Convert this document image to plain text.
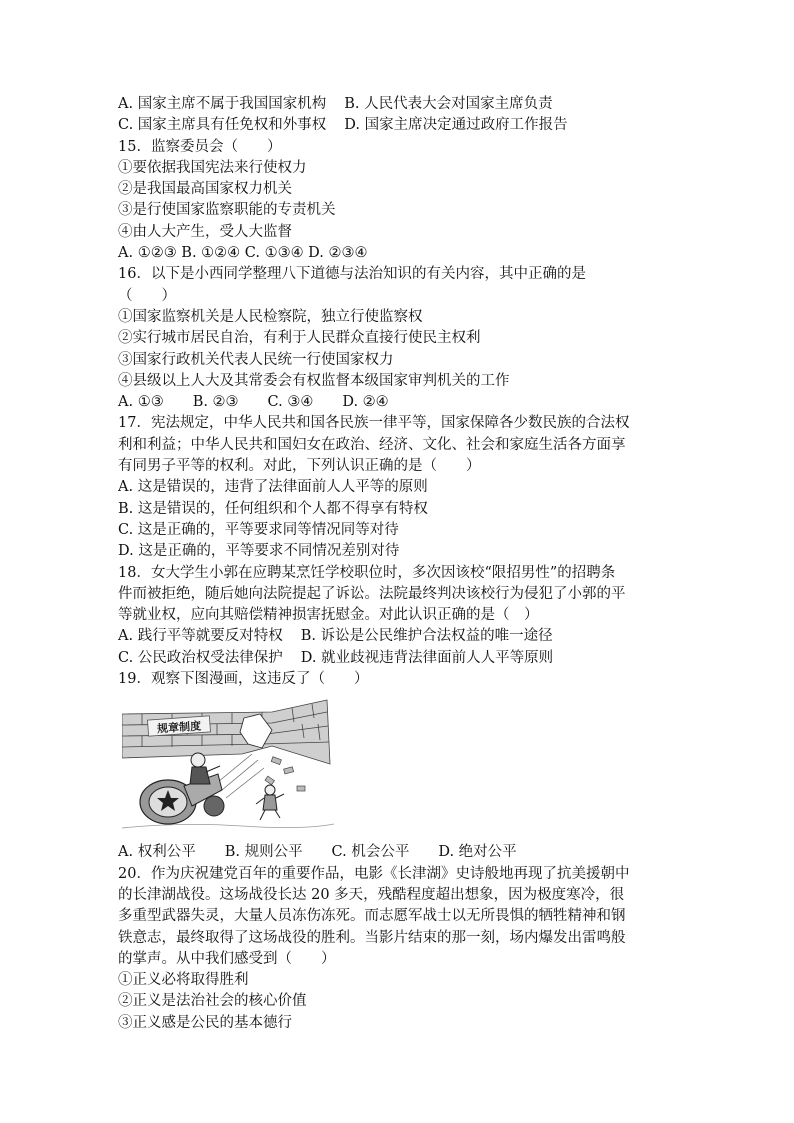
A. 国家主席不属于我国国家机构 B. 人民代表大会对国家主席负责
C. 国家主席具有任免权和外事权 D. 国家主席决定通过政府工作报告
15．监察委员会（　　）
①要依据我国宪法来行使权力
②是我国最高国家权力机关
③是行使国家监察职能的专责机关
④由人大产生，受人大监督
A. ①②③ B. ①②④ C. ①③④ D. ②③④
16．以下是小西同学整理八下道德与法治知识的有关内容，其中正确的是
（　　）
①国家监察机关是人民检察院，独立行使监察权
②实行城市居民自治，有利于人民群众直接行使民主权利
③国家行政机关代表人民统一行使国家权力
④县级以上人大及其常委会有权监督本级国家审判机关的工作
A. ①③　　B. ②③　　C. ③④　　D. ②④
17．宪法规定，中华人民共和国各民族一律平等，国家保障各少数民族的合法权
利和利益；中华人民共和国妇女在政治、经济、文化、社会和家庭生活各方面享
有同男子平等的权利。对此，下列认识正确的是（　　）
A. 这是错误的，违背了法律面前人人平等的原则
B. 这是错误的，任何组织和个人都不得享有特权
C. 这是正确的，平等要求同等情况同等对待
D. 这是正确的，平等要求不同情况差别对待
18．女大学生小郭在应聘某烹饪学校职位时，多次因该校“限招男性”的招聘条
件而被拒绝，随后她向法院提起了诉讼。法院最终判决该校行为侵犯了小郭的平
等就业权，应向其赔偿精神损害抚慰金。对此认识正确的是（　）
A. 践行平等就要反对特权 B. 诉讼是公民维护合法权益的唯一途径
C. 公民政治权受法律保护 D. 就业歧视违背法律面前人人平等原则
19．观察下图漫画，这违反了（　　）
规章制度
A. 权利公平　　B. 规则公平　　C. 机会公平　　D. 绝对公平
20．作为庆祝建党百年的重要作品，电影《长津湖》史诗般地再现了抗美援朝中
的长津湖战役。这场战役长达 20 多天，残酷程度超出想象，因为极度寒冷，很
多重型武器失灵，大量人员冻伤冻死。而志愿军战士以无所畏惧的牺牲精神和钢
铁意志，最终取得了这场战役的胜利。当影片结束的那一刻，场内爆发出雷鸣般
的掌声。从中我们感受到（　　）
①正义必将取得胜利
②正义是法治社会的核心价值
③正义感是公民的基本德行
